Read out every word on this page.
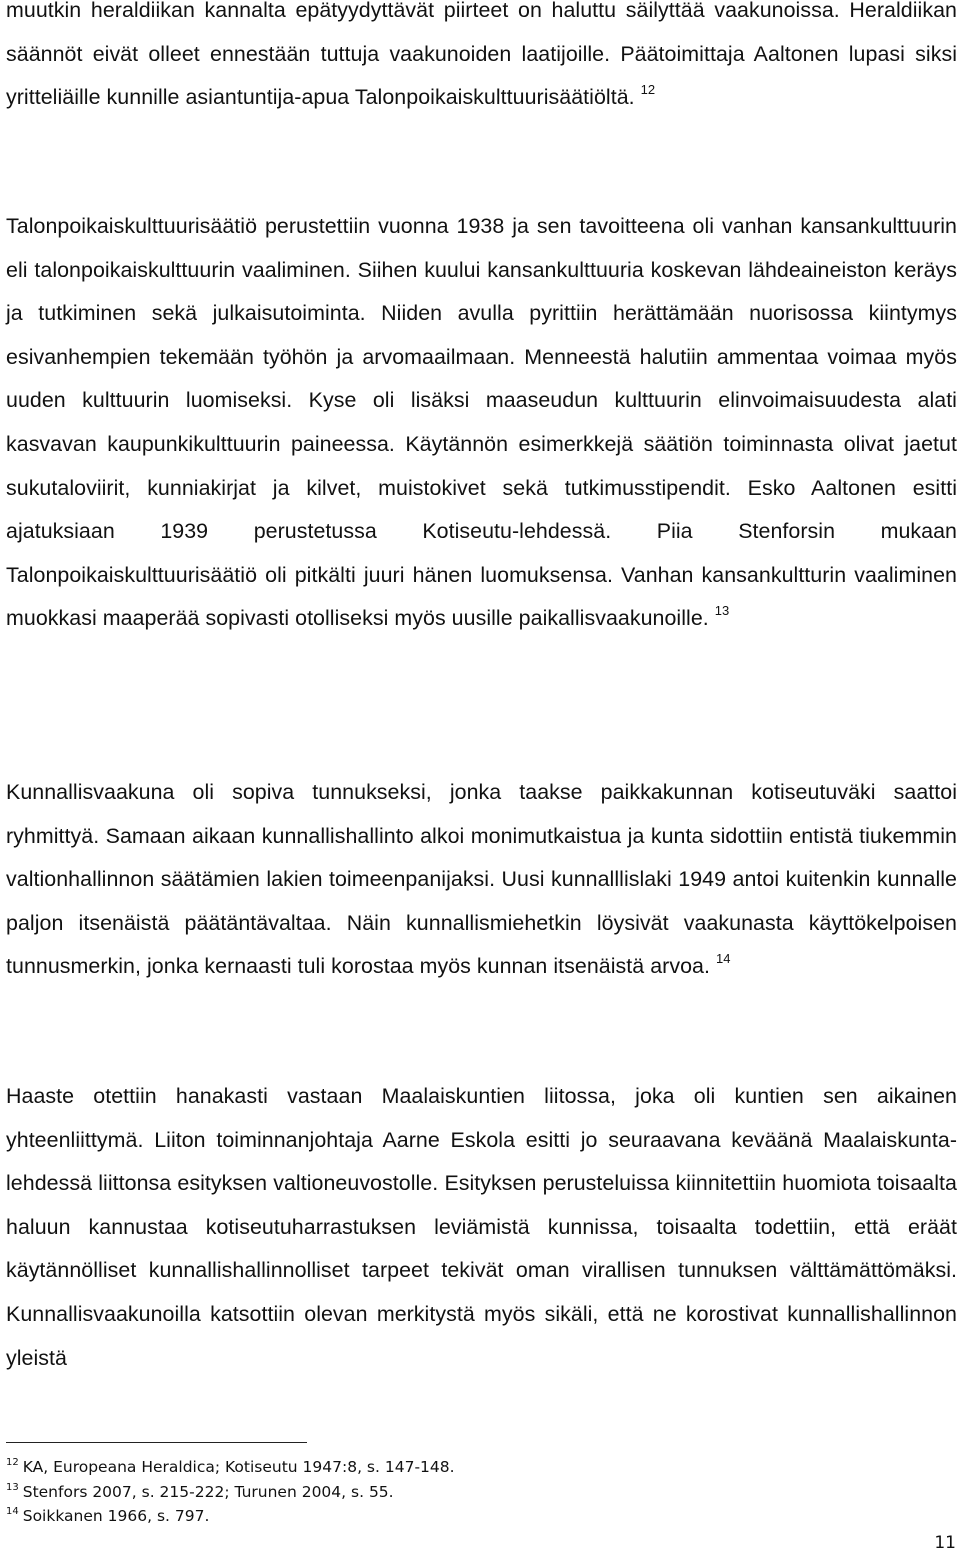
muutkin heraldiikan kannalta epätyydyttävät piirteet on haluttu säilyttää vaakunoissa. Heraldiikan säännöt eivät olleet ennestään tuttuja vaakunoiden laatijoille. Päätoimittaja Aaltonen lupasi siksi yritteliäille kunnille asiantuntija-apua Talonpoikaiskulttuurisäätiöltä. $^{12}$

Talonpoikaiskulttuurisäätiö perustettiin vuonna 1938 ja sen tavoitteena oli vanhan kansankulttuurin eli talonpoikaiskulttuurin vaaliminen. Siihen kuului kansankulttuuria koskevan lähdeaineiston keräys ja tutkiminen sekä julkaisutoiminta. Niiden avulla pyrittiin herättämään nuorisossa kiintymys esivanhempien tekemään työhön ja arvomaailmaan. Menneestä halutiin ammentaa voimaa myös uuden kulttuurin luomiseksi. Kyse oli lisäksi maaseudun kulttuurin elinvoimaisuudesta alati kasvavan kaupunkikulttuurin paineessa. Käytännön esimerkkejä säätiön toiminnasta olivat jaetut sukutaloviirit, kunniakirjat ja kilvet, muistokivet sekä tutkimusstipendit. Esko Aaltonen esitti ajatuksiaan 1939 perustetussa Kotiseutu-lehdessä. Piia Stenforsin mukaan Talonpoikaiskulttuurisäätiö oli pitkälti juuri hänen luomuksensa. Vanhan kansankultturin vaaliminen muokkasi maaperää sopivasti otolliseksi myös uusille paikallisvaakunoille. $^{13}$

Kunnallisvaakuna oli sopiva tunnukseksi, jonka taakse paikkakunnan kotiseutuväki saattoi ryhmittyä. Samaan aikaan kunnallishallinto alkoi monimutkaistua ja kunta sidottiin entistä tiukemmin valtionhallinnon säätämien lakien toimeenpanijaksi. Uusi kunnalllislaki 1949 antoi kuitenkin kunnalle paljon itsenäistä päätäntävaltaa. Näin kunnallismiehetkin löysivät vaakunasta käyttökelpoisen tunnusmerkin, jonka kernaasti tuli korostaa myös kunnan itsenäistä arvoa. $^{14}$

Haaste otettiin hanakasti vastaan Maalaiskuntien liitossa, joka oli kuntien sen aikainen yhteenliittymä. Liiton toiminnanjohtaja Aarne Eskola esitti jo seuraavana keväänä Maalaiskunta-lehdessä liittonsa esityksen valtioneuvostolle. Esityksen perusteluissa kiinnitettiin huomiota toisaalta haluun kannustaa kotiseutuharrastuksen leviämistä kunnissa, toisaalta todettiin, että eräät käytännölliset kunnallishallinnolliset tarpeet tekivät oman virallisen tunnuksen välttämättömäksi. Kunnallisvaakunoilla katsottiin olevan merkitystä myös sikäli, että ne korostivat kunnallishallinnon yleistä

$^{12}$ KA, Europeana Heraldica; Kotiseutu 1947:8, s. 147-148.

$^{13}$ Stenfors 2007, s. 215-222; Turunen 2004, s. 55.

$^{14}$ Soikkanen 1966, s. 797.

11
